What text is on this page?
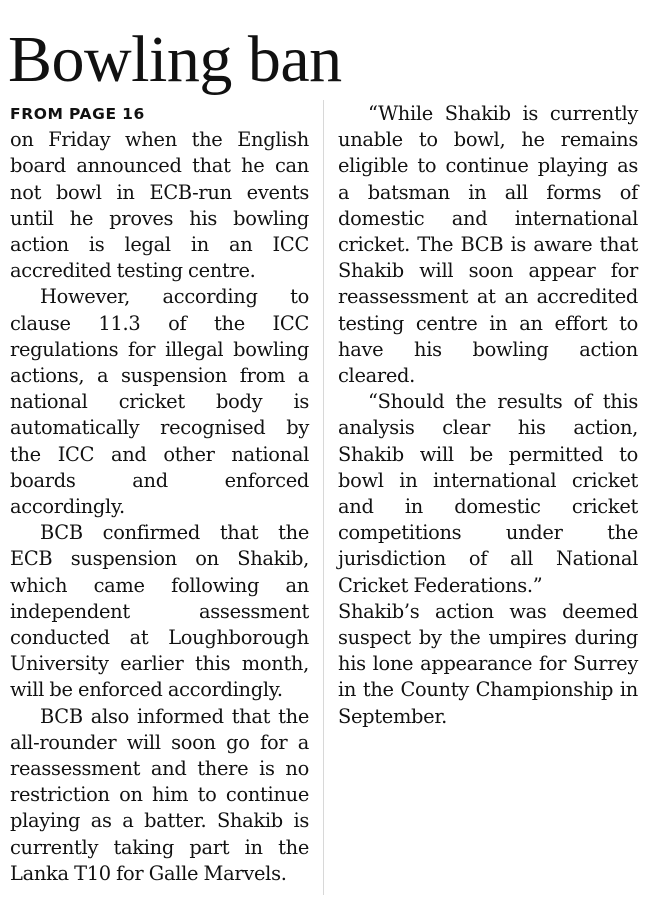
Bowling ban
FROM PAGE 16

on Friday when the English board announced that he can not bowl in ECB-run events until he proves his bowling action is legal in an ICC accredited testing centre.

However, according to clause 11.3 of the ICC regulations for illegal bowling actions, a suspension from a national cricket body is automatically recognised by the ICC and other national boards and enforced accordingly.

BCB confirmed that the ECB suspension on Shakib, which came following an independent assessment conducted at Loughborough University earlier this month, will be enforced accordingly.

BCB also informed that the all-rounder will soon go for a reassessment and there is no restriction on him to continue playing as a batter. Shakib is currently taking part in the Lanka T10 for Galle Marvels.

“While Shakib is currently unable to bowl, he remains eligible to continue playing as a batsman in all forms of domestic and international cricket. The BCB is aware that Shakib will soon appear for reassessment at an accredited testing centre in an effort to have his bowling action cleared.

“Should the results of this analysis clear his action, Shakib will be permitted to bowl in international cricket and in domestic cricket competitions under the jurisdiction of all National Cricket Federations.”

Shakib’s action was deemed suspect by the umpires during his lone appearance for Surrey in the County Championship in September.
